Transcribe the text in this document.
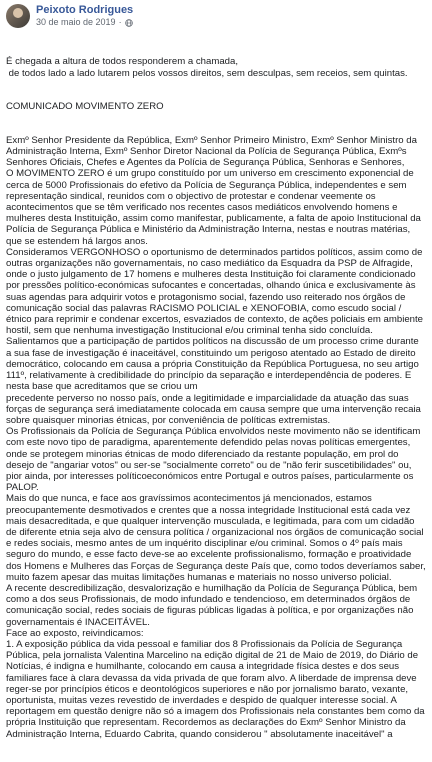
Peixoto Rodrigues
30 de maio de 2019 ·

É chegada a altura de todos responderem a chamada,
de todos lado a lado lutarem pelos vossos direitos, sem desculpas, sem receios, sem quintas.

COMUNICADO MOVIMENTO ZERO

Exmº Senhor Presidente da República, Exmº Senhor Primeiro Ministro, Exmº Senhor Ministro da Administração Interna, Exmº Senhor Diretor Nacional da Polícia de Segurança Pública, Exmºs Senhores Oficiais, Chefes e Agentes da Polícia de Segurança Pública, Senhoras e Senhores,
O MOVIMENTO ZERO é um grupo constituído por um universo em crescimento exponencial de cerca de 5000 Profissionais do efetivo da Polícia de Segurança Pública, independentes e sem representação sindical, reunidos com o objectivo de protestar e condenar veemente os acontecimentos que se têm verificado nos recentes casos mediáticos envolvendo homens e mulheres desta Instituição, assim como manifestar, publicamente, a falta de apoio Institucional da Polícia de Segurança Pública e Ministério da Administração Interna, nestas e noutras matérias, que se estendem há largos anos.
Consideramos VERGONHOSO o oportunismo de determinados partidos políticos, assim como de outras organizações não governamentais, no caso mediático da Esquadra da PSP de Alfragide, onde o justo julgamento de 17 homens e mulheres desta Instituição foi claramente condicionado por pressões político-económicas sufocantes e concertadas, olhando única e exclusivamente às suas agendas para adquirir votos e protagonismo social, fazendo uso reiterado nos órgãos de comunicação social das palavras RACISMO POLICIAL e XENOFOBIA, como escudo social / étnico para reprimir e condenar excertos, esvaziados de contexto, de ações policiais em ambiente hostil, sem que nenhuma investigação Institucional e/ou criminal tenha sido concluída.
Salientamos que a participação de partidos políticos na discussão de um processo crime durante a sua fase de investigação é inaceitável, constituindo um perigoso atentado ao Estado de direito democrático, colocando em causa a própria Constituição da República Portuguesa, no seu artigo 111º, relativamente à credibilidade do princípio da separação e interdependência de poderes. E nesta base que acreditamos que se criou um
precedente perverso no nosso país, onde a legitimidade e imparcialidade da atuação das suas forças de segurança será imediatamente colocada em causa sempre que uma intervenção recaia sobre quaisquer minorias étnicas, por conveniência de políticas extremistas.
Os Profissionais da Polícia de Segurança Pública envolvidos neste movimento não se identificam com este novo tipo de paradigma, aparentemente defendido pelas novas políticas emergentes, onde se protegem minorias étnicas de modo diferenciado da restante população, em prol do desejo de "angariar votos" ou ser-se "socialmente correto" ou de "não ferir suscetibilidades" ou, pior ainda, por interesses políticoeconómicos entre Portugal e outros países, particularmente os PALOP.
Mais do que nunca, e face aos gravíssimos acontecimentos já mencionados, estamos preocupantemente desmotivados e crentes que a nossa integridade Institucional está cada vez mais desacreditada, e que qualquer intervenção musculada, e legitimada, para com um cidadão de diferente etnia seja alvo de censura política / organizacional nos órgãos de comunicação social e redes sociais, mesmo antes de um inquérito disciplinar e/ou criminal. Somos o 4º país mais seguro do mundo, e esse facto deve-se ao excelente profissionalismo, formação e proatividade dos Homens e Mulheres das Forças de Segurança deste País que, como todos deveríamos saber, muito fazem apesar das muitas limitações humanas e materiais no nosso universo policial.
A recente descredibilização, desvalorização e humilhação da Polícia de Segurança Pública, bem como a dos seus Profissionais, de modo infundado e tendencioso, em determinados órgãos de comunicação social, redes sociais de figuras públicas ligadas à política, e por organizações não governamentais é INACEITÁVEL.
Face ao exposto, reivindicamos:
1. A exposição pública da vida pessoal e familiar dos 8 Profissionais da Polícia de Segurança Pública, pela jornalista Valentina Marcelino na edição digital de 21 de Maio de 2019, do Diário de Notícias, é indigna e humilhante, colocando em causa a integridade física destes e dos seus familiares face à clara devassa da vida privada de que foram alvo. A liberdade de imprensa deve reger-se por princípios éticos e deontológicos superiores e não por jornalismo barato, vexante, oportunista, muitas vezes revestido de inverdades e despido de qualquer interesse social. A reportagem em questão denigre não só a imagem dos Profissionais nela constantes bem como da própria Instituição que representam. Recordemos as declarações do Exmº Senhor Ministro da Administração Interna, Eduardo Cabrita, quando considerou " absolutamente inaceitável" a
